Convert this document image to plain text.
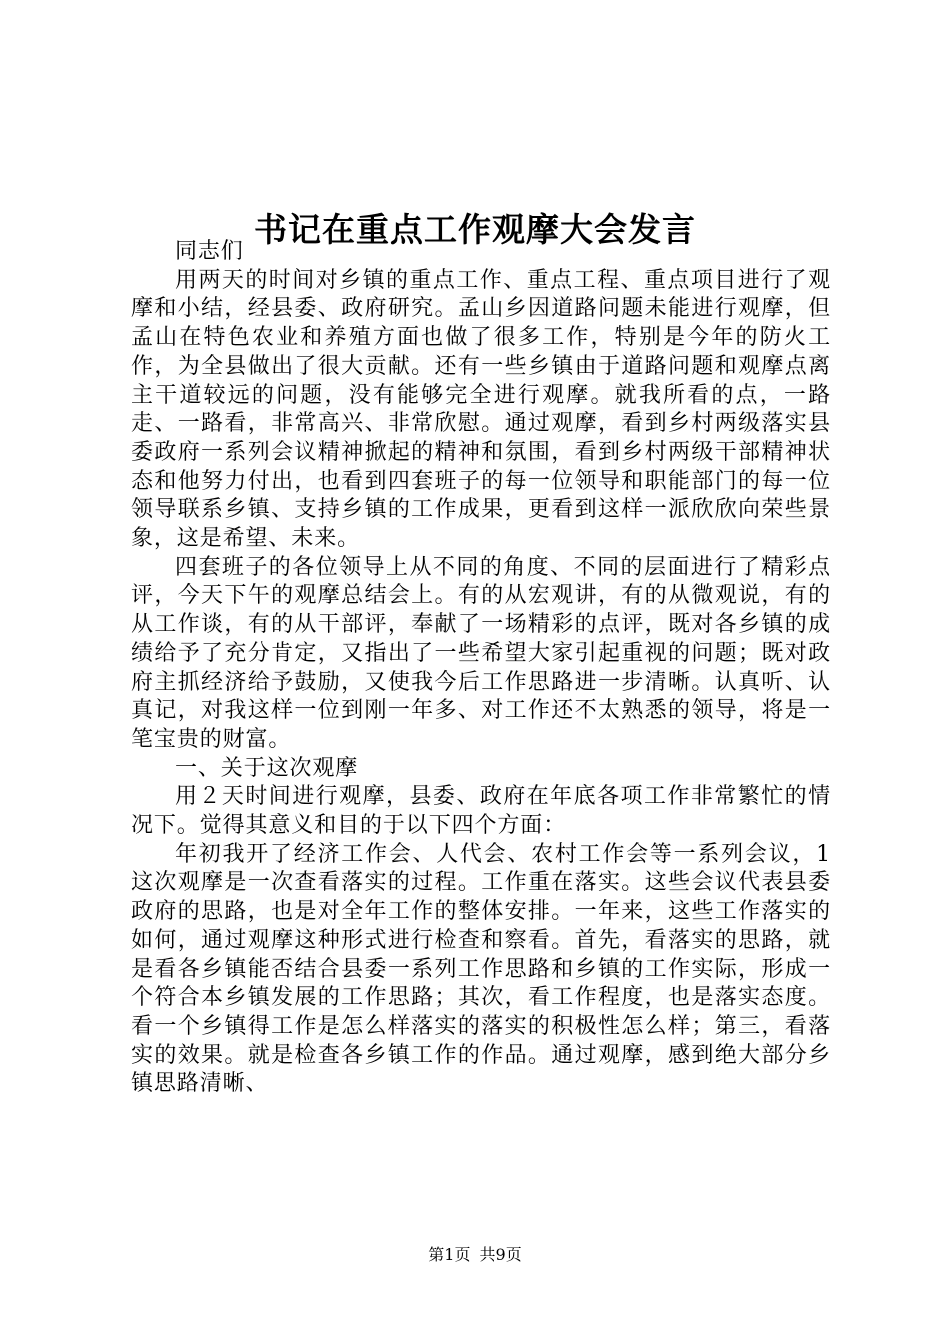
书记在重点工作观摩大会发言

同志们

用两天的时间对乡镇的重点工作、重点工程、重点项目进行了观摩和小结，经县委、政府研究。孟山乡因道路问题未能进行观摩，但孟山在特色农业和养殖方面也做了很多工作，特别是今年的防火工作，为全县做出了很大贡献。还有一些乡镇由于道路问题和观摩点离主干道较远的问题，没有能够完全进行观摩。就我所看的点，一路走、一路看，非常高兴、非常欣慰。通过观摩，看到乡村两级落实县委政府一系列会议精神掀起的精神和氛围，看到乡村两级干部精神状态和他努力付出，也看到四套班子的每一位领导和职能部门的每一位领导联系乡镇、支持乡镇的工作成果，更看到这样一派欣欣向荣些景象，这是希望、未来。

四套班子的各位领导上从不同的角度、不同的层面进行了精彩点评，今天下午的观摩总结会上。有的从宏观讲，有的从微观说，有的从工作谈，有的从干部评，奉献了一场精彩的点评，既对各乡镇的成绩给予了充分肯定，又指出了一些希望大家引起重视的问题；既对政府主抓经济给予鼓励，又使我今后工作思路进一步清晰。认真听、认真记，对我这样一位到刚一年多、对工作还不太熟悉的领导，将是一笔宝贵的财富。

一、关于这次观摩

用２天时间进行观摩，县委、政府在年底各项工作非常繁忙的情况下。觉得其意义和目的于以下四个方面：

年初我开了经济工作会、人代会、农村工作会等一系列会议，1这次观摩是一次查看落实的过程。工作重在落实。这些会议代表县委政府的思路，也是对全年工作的整体安排。一年来，这些工作落实的如何，通过观摩这种形式进行检查和察看。首先，看落实的思路，就是看各乡镇能否结合县委一系列工作思路和乡镇的工作实际，形成一个符合本乡镇发展的工作思路；其次，看工作程度，也是落实态度。看一个乡镇得工作是怎么样落实的落实的积极性怎么样；第三，看落实的效果。就是检查各乡镇工作的作品。通过观摩，感到绝大部分乡镇思路清晰、

第1页 共9页
